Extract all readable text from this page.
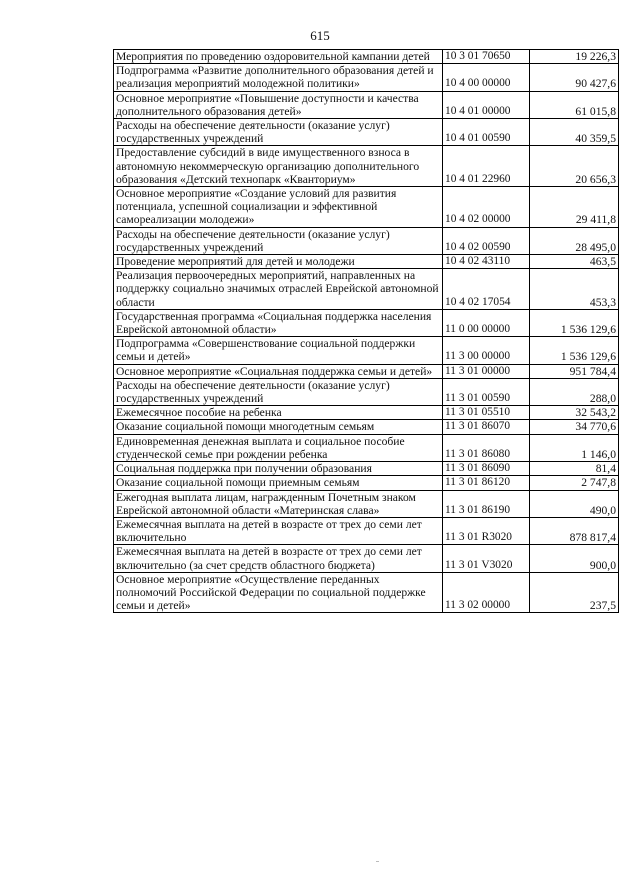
615
Мероприятия по проведению оздоровительной кампании детей	10 3 01 70650	19 226,3
Подпрограмма «Развитие дополнительного образования детей и реализация мероприятий молодежной политики»	10 4 00 00000	90 427,6
Основное мероприятие «Повышение доступности и качества дополнительного образования детей»	10 4 01 00000	61 015,8
Расходы на обеспечение деятельности (оказание услуг) государственных учреждений	10 4 01 00590	40 359,5
Предоставление субсидий в виде имущественного взноса в автономную некоммерческую организацию дополнительного образования «Детский технопарк «Кванториум»	10 4 01 22960	20 656,3
Основное мероприятие «Создание условий для развития потенциала, успешной социализации и эффективной самореализации молодежи»	10 4 02 00000	29 411,8
Расходы на обеспечение деятельности (оказание услуг) государственных учреждений	10 4 02 00590	28 495,0
Проведение мероприятий для детей и молодежи	10 4 02 43110	463,5
Реализация первоочередных мероприятий, направленных на поддержку социально значимых отраслей Еврейской автономной области	10 4 02 17054	453,3
Государственная программа «Социальная поддержка населения Еврейской автономной области»	11 0 00 00000	1 536 129,6
Подпрограмма «Совершенствование социальной поддержки семьи и детей»	11 3 00 00000	1 536 129,6
Основное мероприятие «Социальная поддержка семьи и детей»	11 3 01 00000	951 784,4
Расходы на обеспечение деятельности (оказание услуг) государственных учреждений	11 3 01 00590	288,0
Ежемесячное пособие на ребенка	11 3 01 05510	32 543,2
Оказание социальной помощи многодетным семьям	11 3 01 86070	34 770,6
Единовременная денежная выплата и социальное пособие студенческой семье при рождении ребенка	11 3 01 86080	1 146,0
Социальная поддержка при получении образования	11 3 01 86090	81,4
Оказание социальной помощи приемным семьям	11 3 01 86120	2 747,8
Ежегодная выплата лицам, награжденным Почетным знаком Еврейской автономной области «Материнская слава»	11 3 01 86190	490,0
Ежемесячная выплата на детей в возрасте от трех до семи лет включительно	11 3 01 R3020	878 817,4
Ежемесячная выплата на детей в возрасте от трех до семи лет включительно (за счет средств областного бюджета)	11 3 01 V3020	900,0
Основное мероприятие «Осуществление переданных полномочий Российской Федерации по социальной поддержке семьи и детей»	11 3 02 00000	237,5
